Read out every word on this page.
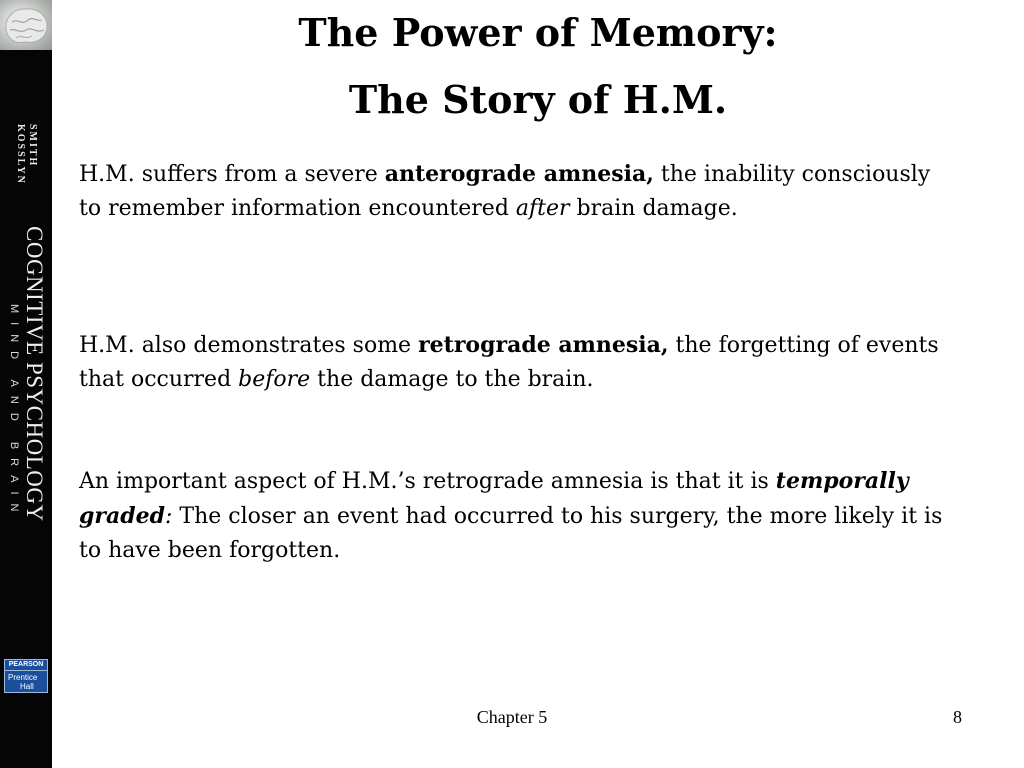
SMITH
KOSSLYN
COGNITIVE PSYCHOLOGY
MIND AND BRAIN
PEARSON
Prentice
Hall
The Power of Memory:
The Story of H.M.

H.M. suffers from a severe anterograde amnesia, the inability consciously to remember information encountered after brain damage.

H.M. also demonstrates some retrograde amnesia, the forgetting of events that occurred before the damage to the brain.

An important aspect of H.M.’s retrograde amnesia is that it is temporally graded: The closer an event had occurred to his surgery, the more likely it is to have been forgotten.

Chapter 5	8
